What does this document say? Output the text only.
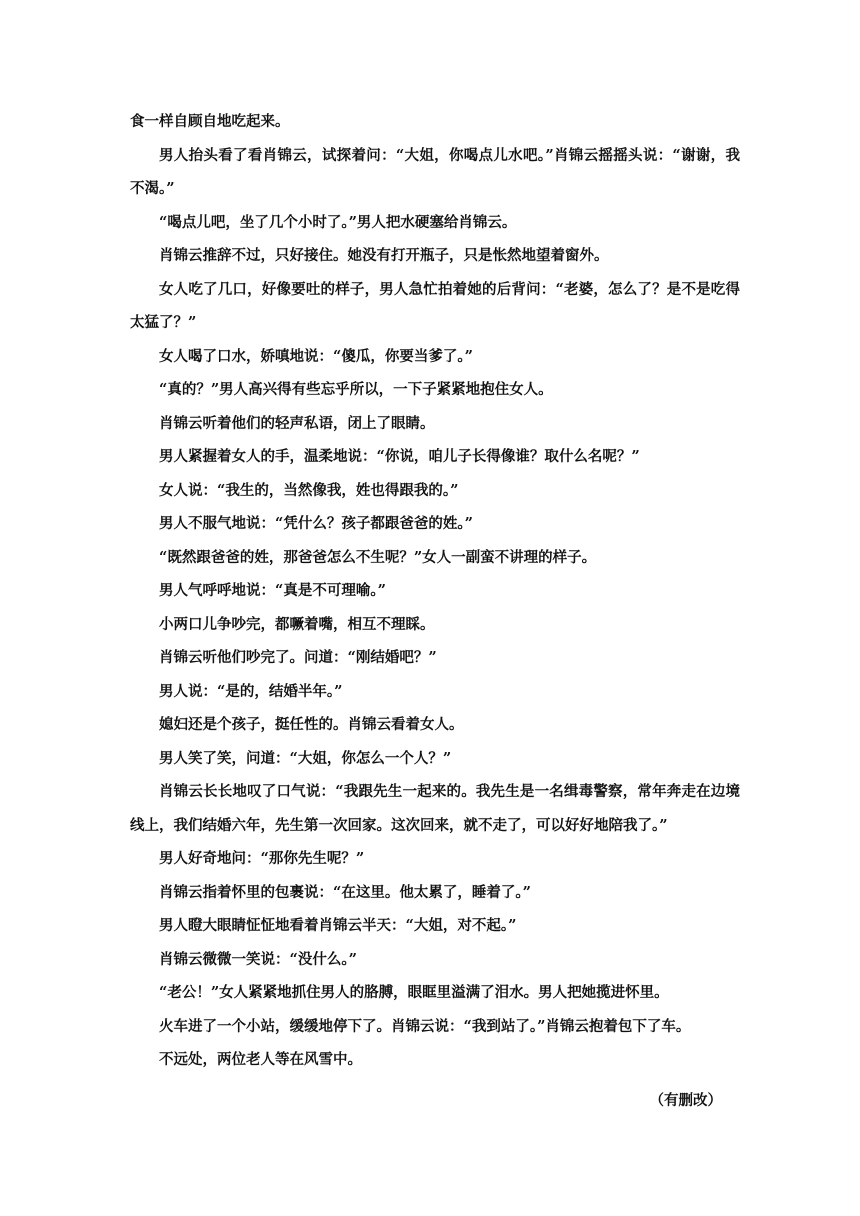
食一样自顾自地吃起来。

男人抬头看了看肖锦云，试探着问：“大姐，你喝点儿水吧。”肖锦云摇摇头说：“谢谢，我不渴。”

“喝点儿吧，坐了几个小时了。”男人把水硬塞给肖锦云。

肖锦云推辞不过，只好接住。她没有打开瓶子，只是怅然地望着窗外。

女人吃了几口，好像要吐的样子，男人急忙拍着她的后背问：“老婆，怎么了？是不是吃得太猛了？”

女人喝了口水，娇嗔地说：“傻瓜，你要当爹了。”

“真的？”男人高兴得有些忘乎所以，一下子紧紧地抱住女人。

肖锦云听着他们的轻声私语，闭上了眼睛。

男人紧握着女人的手，温柔地说：“你说，咱儿子长得像谁？取什么名呢？”

女人说：“我生的，当然像我，姓也得跟我的。”

男人不服气地说：“凭什么？孩子都跟爸爸的姓。”

“既然跟爸爸的姓，那爸爸怎么不生呢？”女人一副蛮不讲理的样子。

男人气呼呼地说：“真是不可理喻。”

小两口儿争吵完，都噘着嘴，相互不理睬。

肖锦云听他们吵完了。问道：“刚结婚吧？”

男人说：“是的，结婚半年。”

媳妇还是个孩子，挺任性的。肖锦云看着女人。

男人笑了笑，问道：“大姐，你怎么一个人？”

肖锦云长长地叹了口气说：“我跟先生一起来的。我先生是一名缉毒警察，常年奔走在边境线上，我们结婚六年，先生第一次回家。这次回来，就不走了，可以好好地陪我了。”

男人好奇地问：“那你先生呢？”

肖锦云指着怀里的包裹说：“在这里。他太累了，睡着了。”

男人瞪大眼睛怔怔地看着肖锦云半天：“大姐，对不起。”

肖锦云微微一笑说：“没什么。”

“老公！”女人紧紧地抓住男人的胳膊，眼眶里溢满了泪水。男人把她揽进怀里。

火车进了一个小站，缓缓地停下了。肖锦云说：“我到站了。”肖锦云抱着包下了车。

不远处，两位老人等在风雪中。

（有删改）
